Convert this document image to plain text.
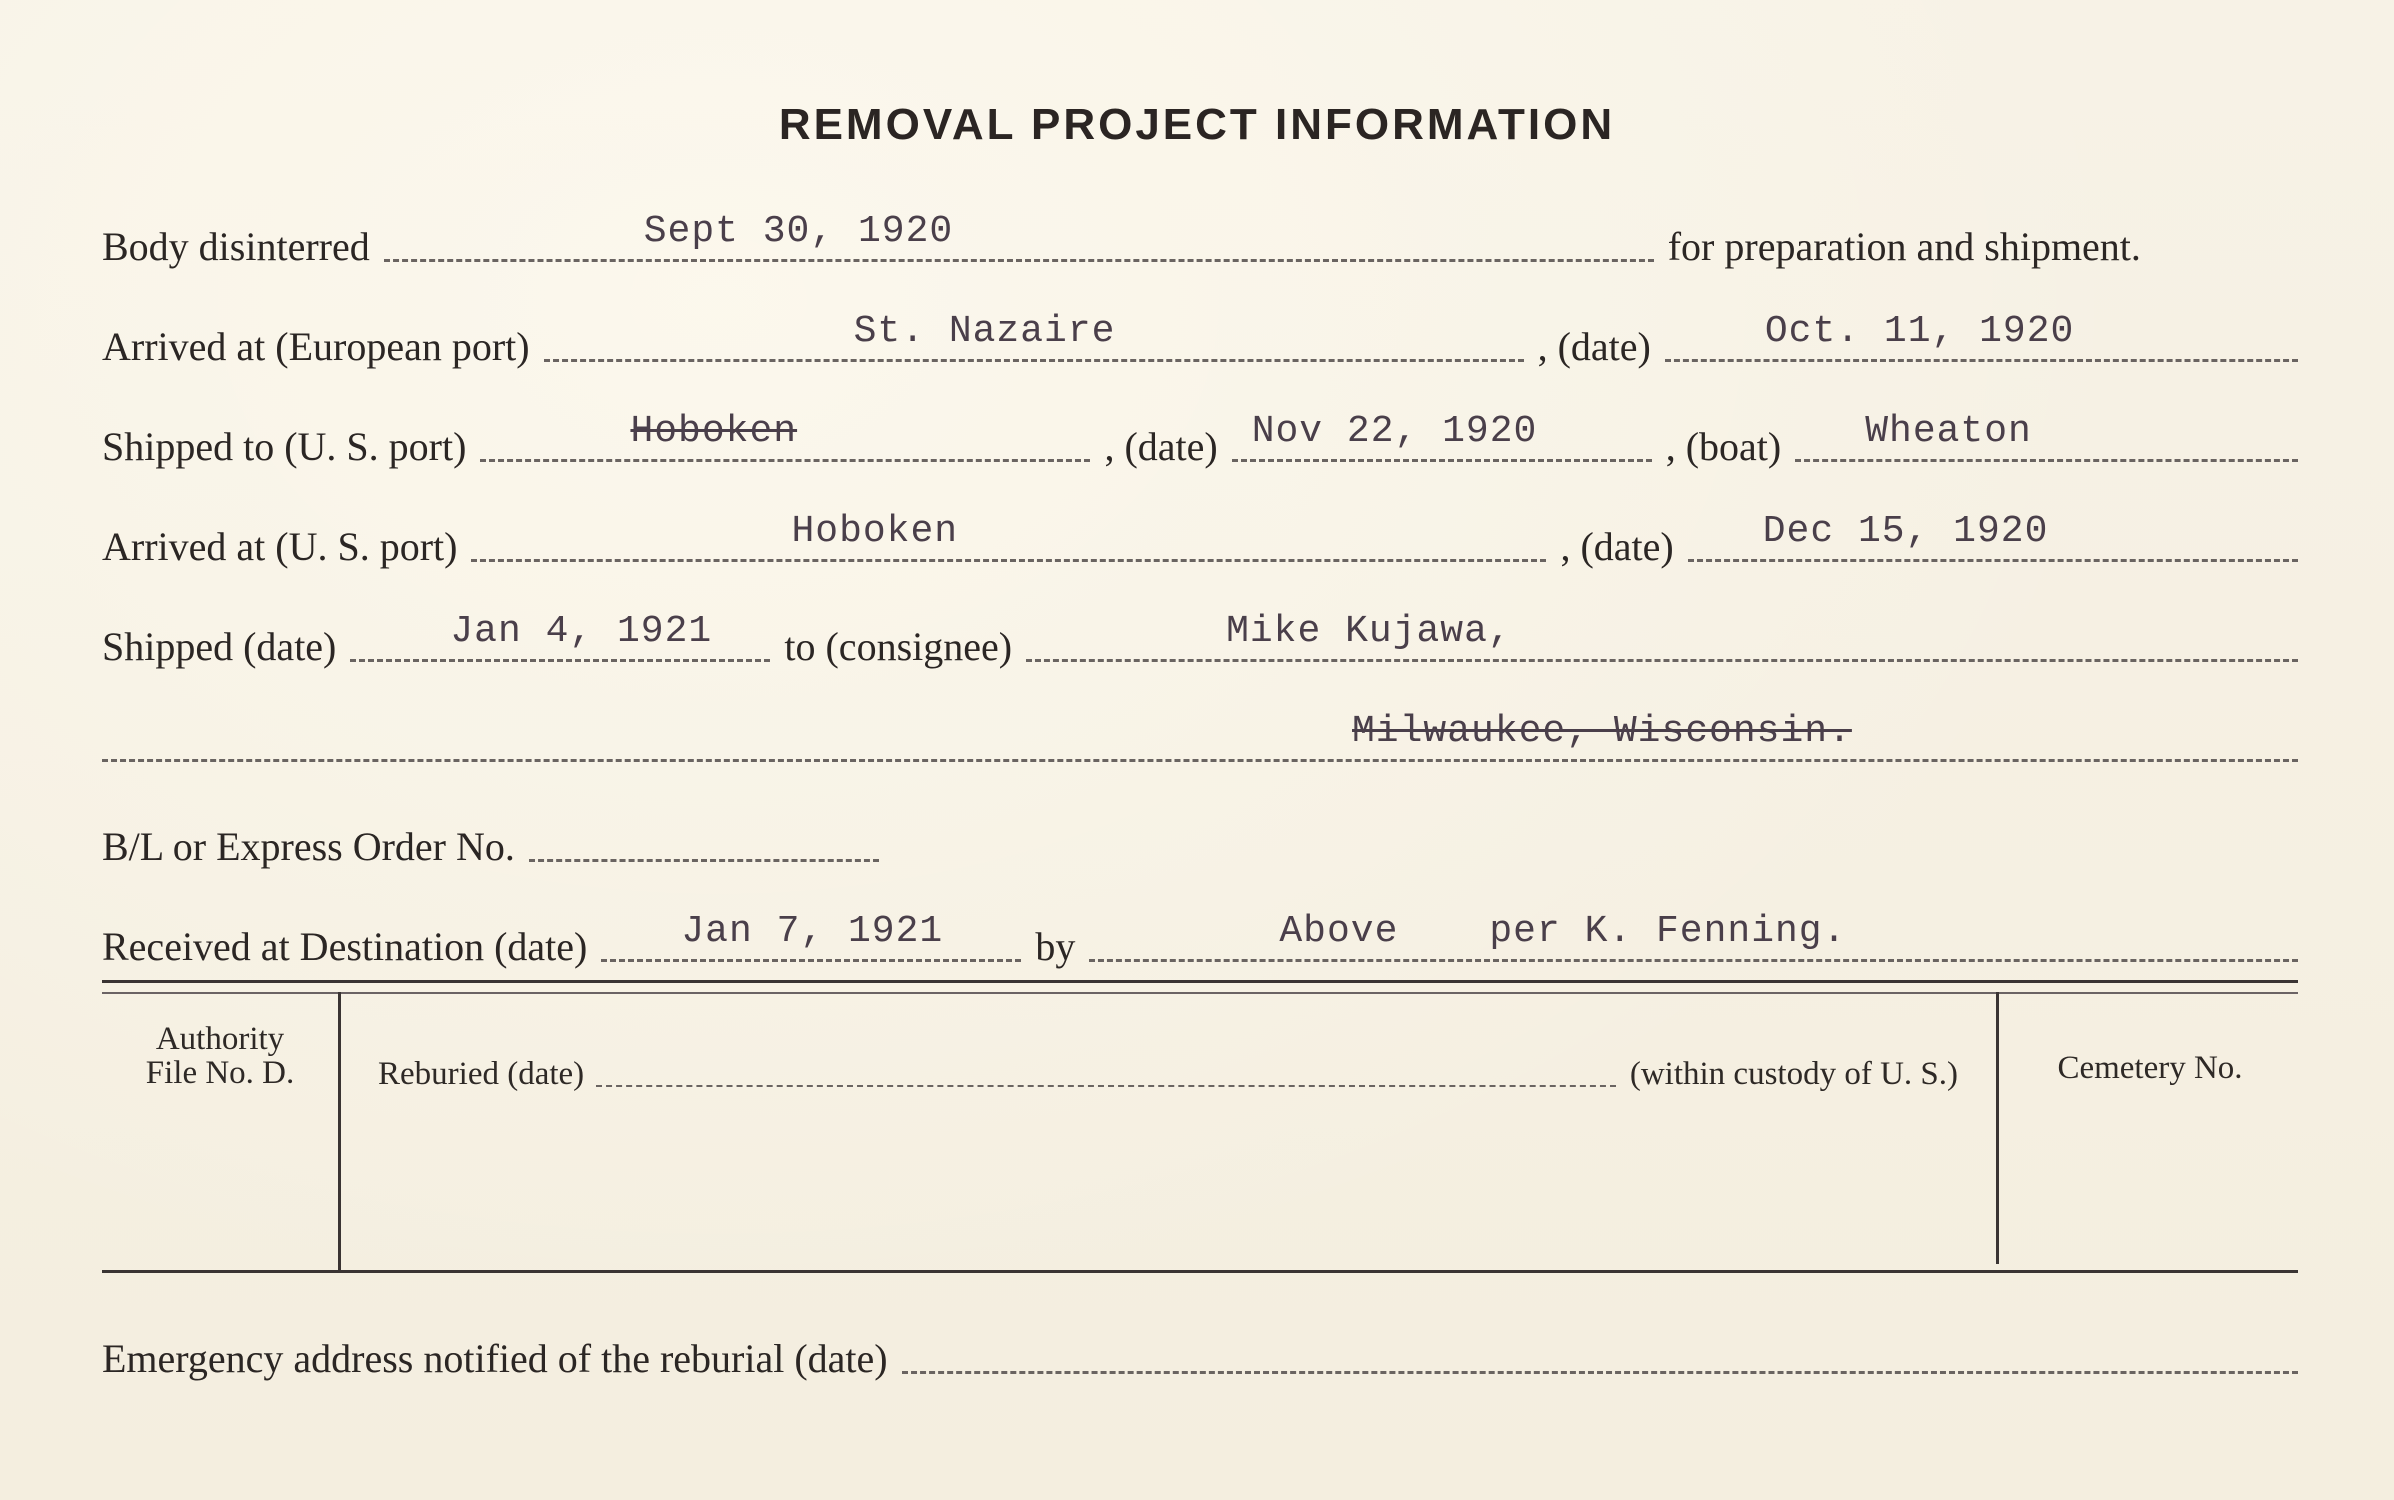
REMOVAL PROJECT INFORMATION
Body disinterred	Sept 30, 1920	for preparation and shipment.
Arrived at (European port)	St. Nazaire	, (date)	Oct. 11, 1920
Shipped to (U. S. port)	Hoboken	, (date) Nov 22, 1920	, (boat)	Wheaton
Arrived at (U. S. port)	Hoboken	, (date)	Dec 15, 1920
Shipped (date)	Jan 4, 1921	to (consignee)	Mike Kujawa,
Milwaukee, Wisconsin.
B/L or Express Order No.
Received at Destination (date)	Jan 7, 1921	by	Above per K. Fenning.
Authority
File No. D.	Reburied (date)	(within custody of U. S.)	Cemetery No.
Emergency address notified of the reburial (date)
